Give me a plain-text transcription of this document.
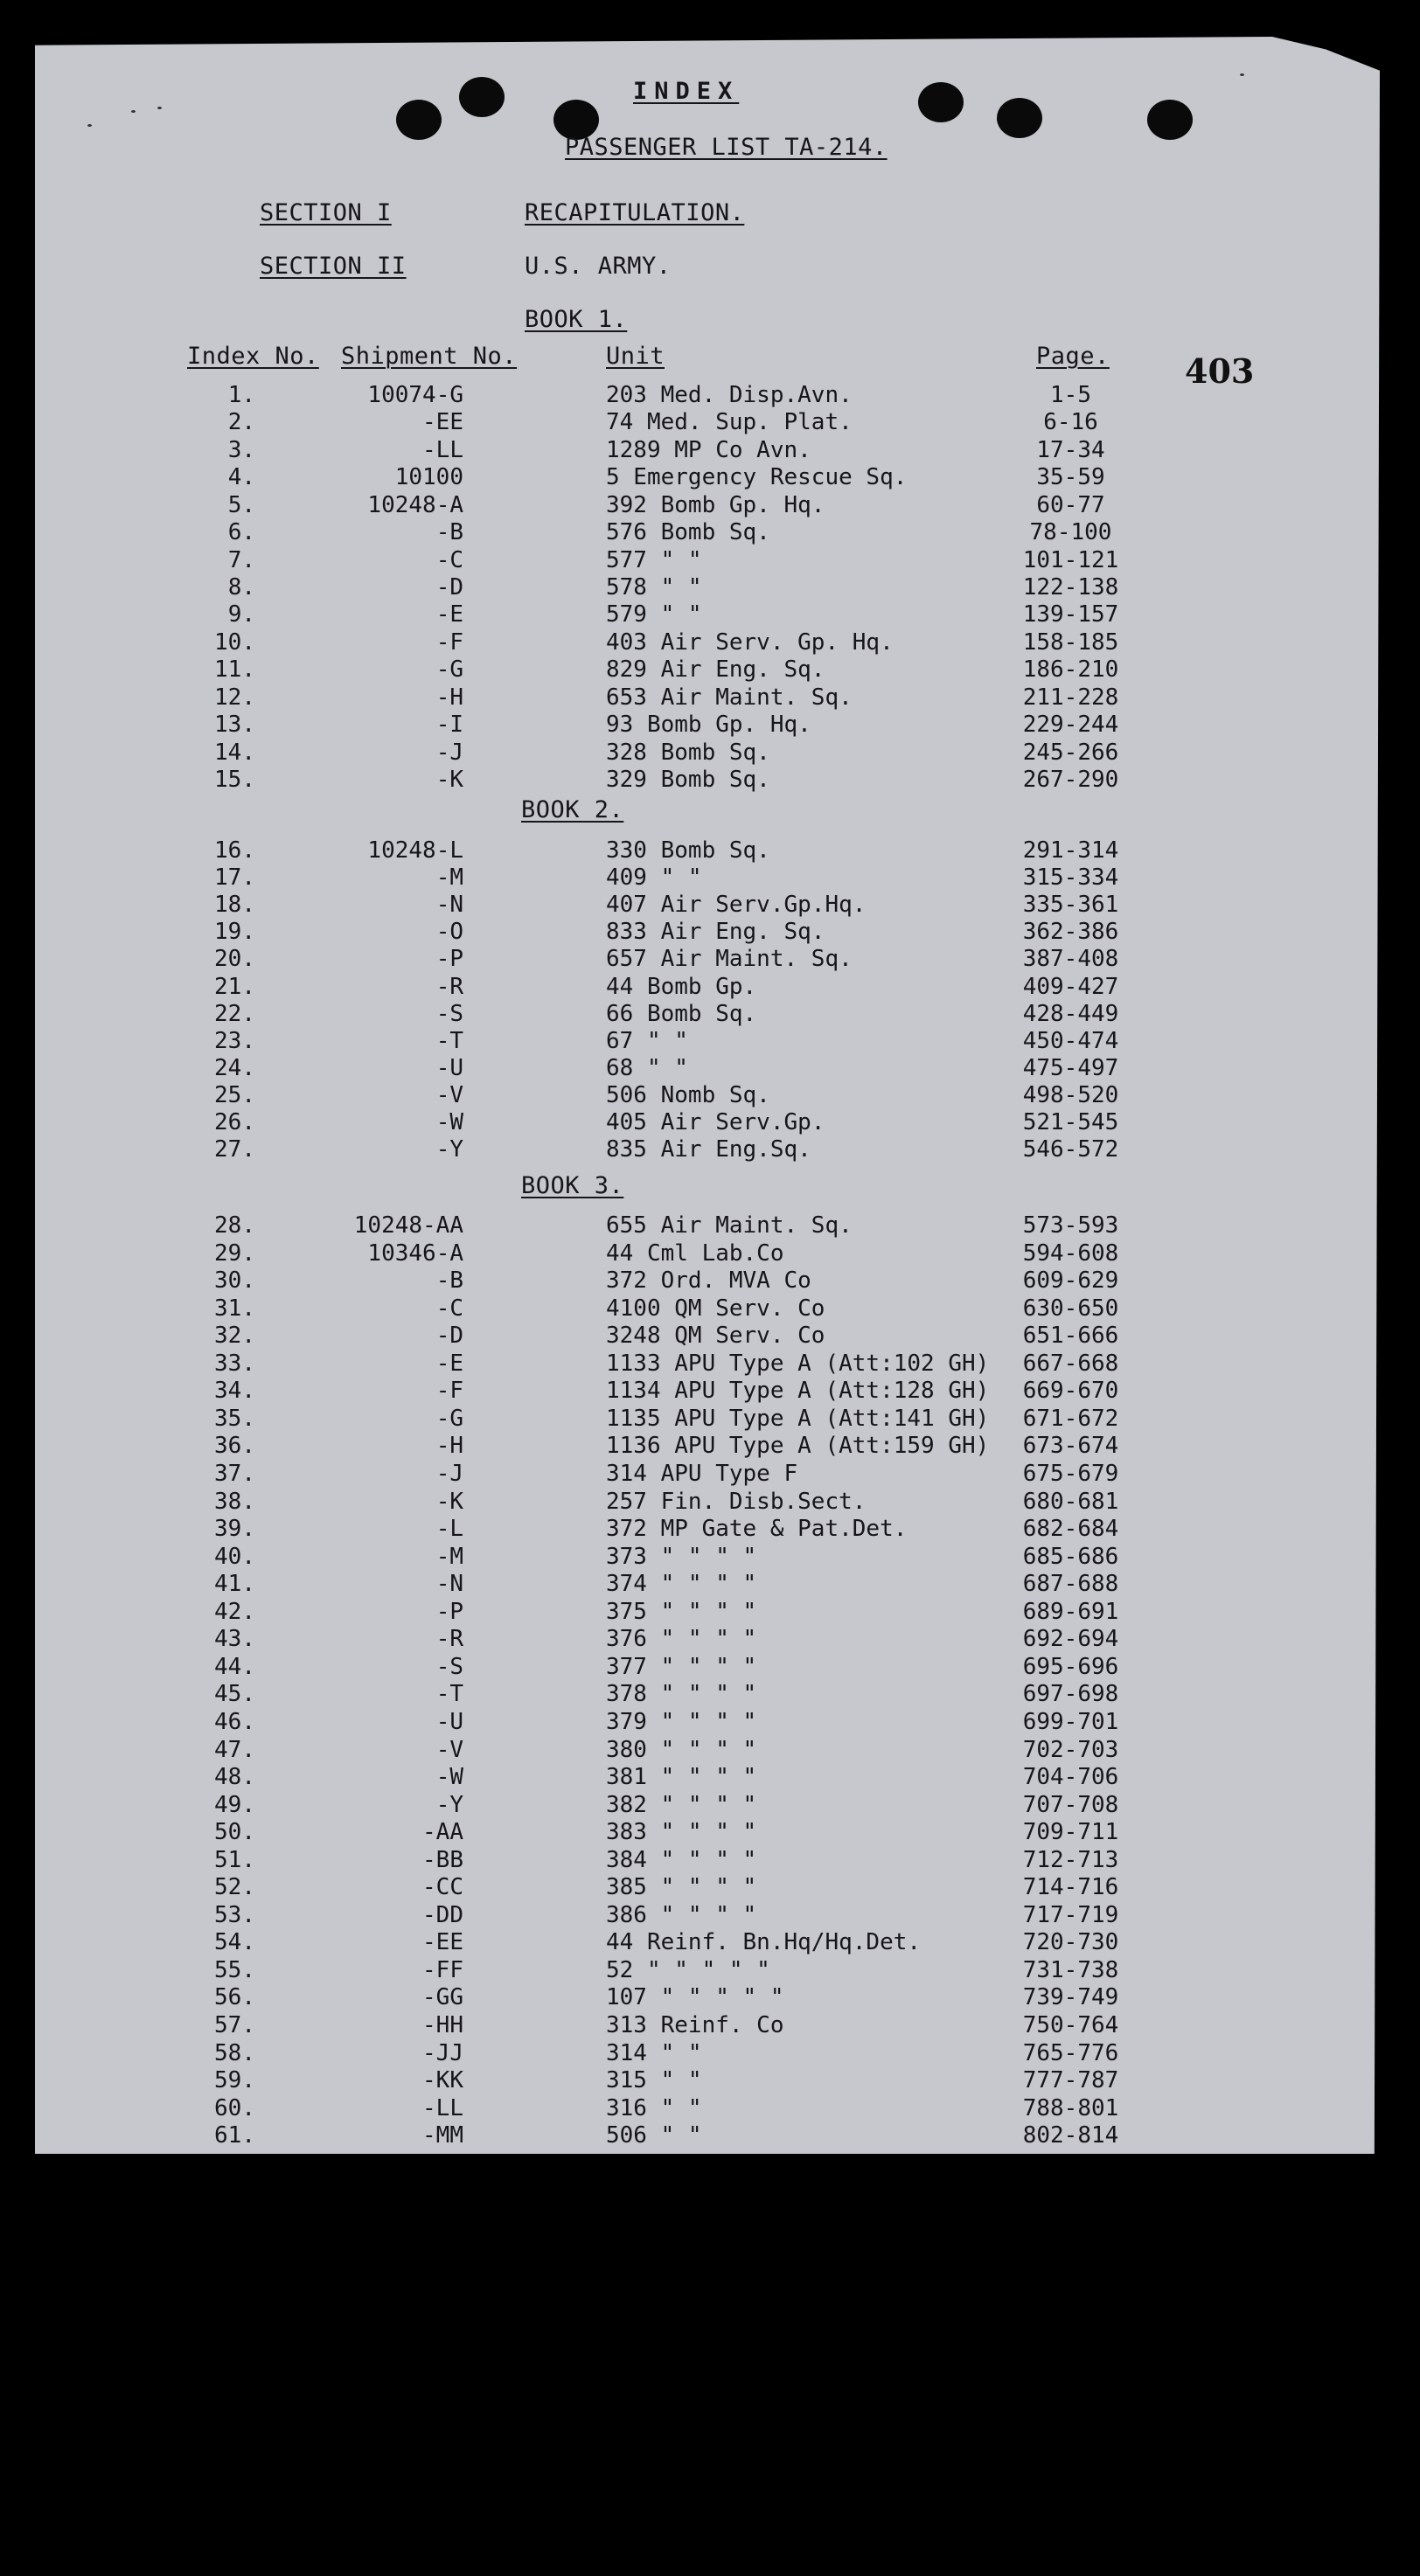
INDEX
PASSENGER LIST TA-214.
SECTION I	RECAPITULATION.
SECTION II	U.S. ARMY.
BOOK 1.
BOOK 2.
BOOK 3.
Index No. Shipment No.	Unit	Page. 403
1.	10074-G	203 Med. Disp.Avn.	1-5
2.	-EE	74 Med. Sup. Plat.	6-16
3.	-LL	1289 MP Co Avn.	17-34
4.	10100	5 Emergency Rescue Sq.	35-59
5.	10248-A	392 Bomb Gp. Hq.	60-77
6.	-B	576 Bomb Sq.	78-100
7.	-C	577 " "	101-121
8.	-D	578 " "	122-138
9.	-E	579 " "	139-157
10.	-F	403 Air Serv. Gp. Hq.	158-185
11.	-G	829 Air Eng. Sq.	186-210
12.	-H	653 Air Maint. Sq.	211-228
13.	-I	93 Bomb Gp. Hq.	229-244
14.	-J	328 Bomb Sq.	245-266
15.	-K	329 Bomb Sq.	267-290
16.	10248-L	330 Bomb Sq.	291-314
17.	-M	409 " "	315-334
18.	-N	407 Air Serv.Gp.Hq.	335-361
19.	-O	833 Air Eng. Sq.	362-386
20.	-P	657 Air Maint. Sq.	387-408
21.	-R	44 Bomb Gp.	409-427
22.	-S	66 Bomb Sq.	428-449
23.	-T	67 " "	450-474
24.	-U	68 " "	475-497
25.	-V	506 Nomb Sq.	498-520
26.	-W	405 Air Serv.Gp.	521-545
27.	-Y	835 Air Eng.Sq.	546-572
28.	10248-AA	655 Air Maint. Sq.	573-593
29.	10346-A	44 Cml Lab.Co	594-608
30.	-B	372 Ord. MVA Co	609-629
31.	-C	4100 QM Serv. Co	630-650
32.	-D	3248 QM Serv. Co	651-666
33.	-E	1133 APU Type A (Att:102 GH) 667-668
34.	-F	1134 APU Type A (Att:128 GH) 669-670
35.	-G	1135 APU Type A (Att:141 GH) 671-672
36.	-H	1136 APU Type A (Att:159 GH) 673-674
37.	-J	314 APU Type F	675-679
38.	-K	257 Fin. Disb.Sect.	680-681
39.	-L	372 MP Gate & Pat.Det.	682-684
40.	-M	373 " " " "	685-686
41.	-N	374 " " " "	687-688
42.	-P	375 " " " "	689-691
43.	-R	376 " " " "	692-694
44.	-S	377 " " " "	695-696
45.	-T	378 " " " "	697-698
46.	-U	379 " " " "	699-701
47.	-V	380 " " " "	702-703
48.	-W	381 " " " "	704-706
49.	-Y	382 " " " "	707-708
50.	-AA	383 " " " "	709-711
51.	-BB	384 " " " "	712-713
52.	-CC	385 " " " "	714-716
53.	-DD	386 " " " "	717-719
54.	-EE	44 Reinf. Bn.Hq/Hq.Det.	720-730
55.	-FF	52 " " " " "	731-738
56.	-GG	107 " " " " "	739-749
57.	-HH	313 Reinf. Co	750-764
58.	-JJ	314 " "	765-776
59.	-KK	315 " "	777-787
60.	-LL	316 " "	788-801
61.	-MM	506 " "	802-814
